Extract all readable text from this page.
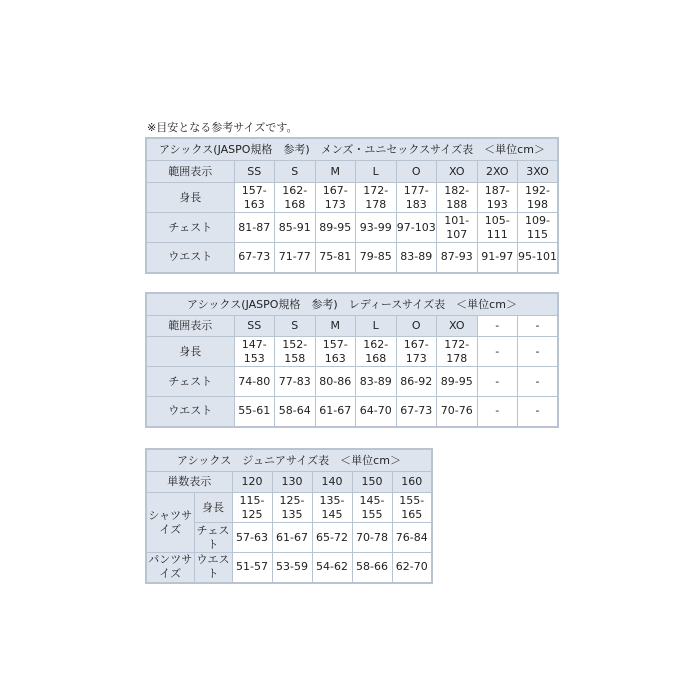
※目安となる参考サイズです。
アシックス(JASPO規格　参考)　メンズ・ユニセックスサイズ表　＜単位cm＞								
範囲表示	SS	S	M	L	O	XO	2XO	3XO
身長	157-163	162-168	167-173	172-178	177-183	182-188	187-193	192-198
チェスト	81-87	85-91	89-95	93-99	97-103	101-107	105-111	109-115
ウエスト	67-73	71-77	75-81	79-85	83-89	87-93	91-97	95-101
アシックス(JASPO規格　参考)　レディースサイズ表　＜単位cm＞								
範囲表示	SS	S	M	L	O	XO	-	-
身長	147-153	152-158	157-163	162-168	167-173	172-178	-	-
チェスト	74-80	77-83	80-86	83-89	86-92	89-95	-	-
ウエスト	55-61	58-64	61-67	64-70	67-73	70-76	-	-
アシックス　ジュニアサイズ表　＜単位cm＞						
単数表示		120	130	140	150	160
シャツサイズ	身長	115-125	125-135	135-145	145-155	155-165
	チェスト	57-63	61-67	65-72	70-78	76-84
パンツサイズ	ウエスト	51-57	53-59	54-62	58-66	62-70
